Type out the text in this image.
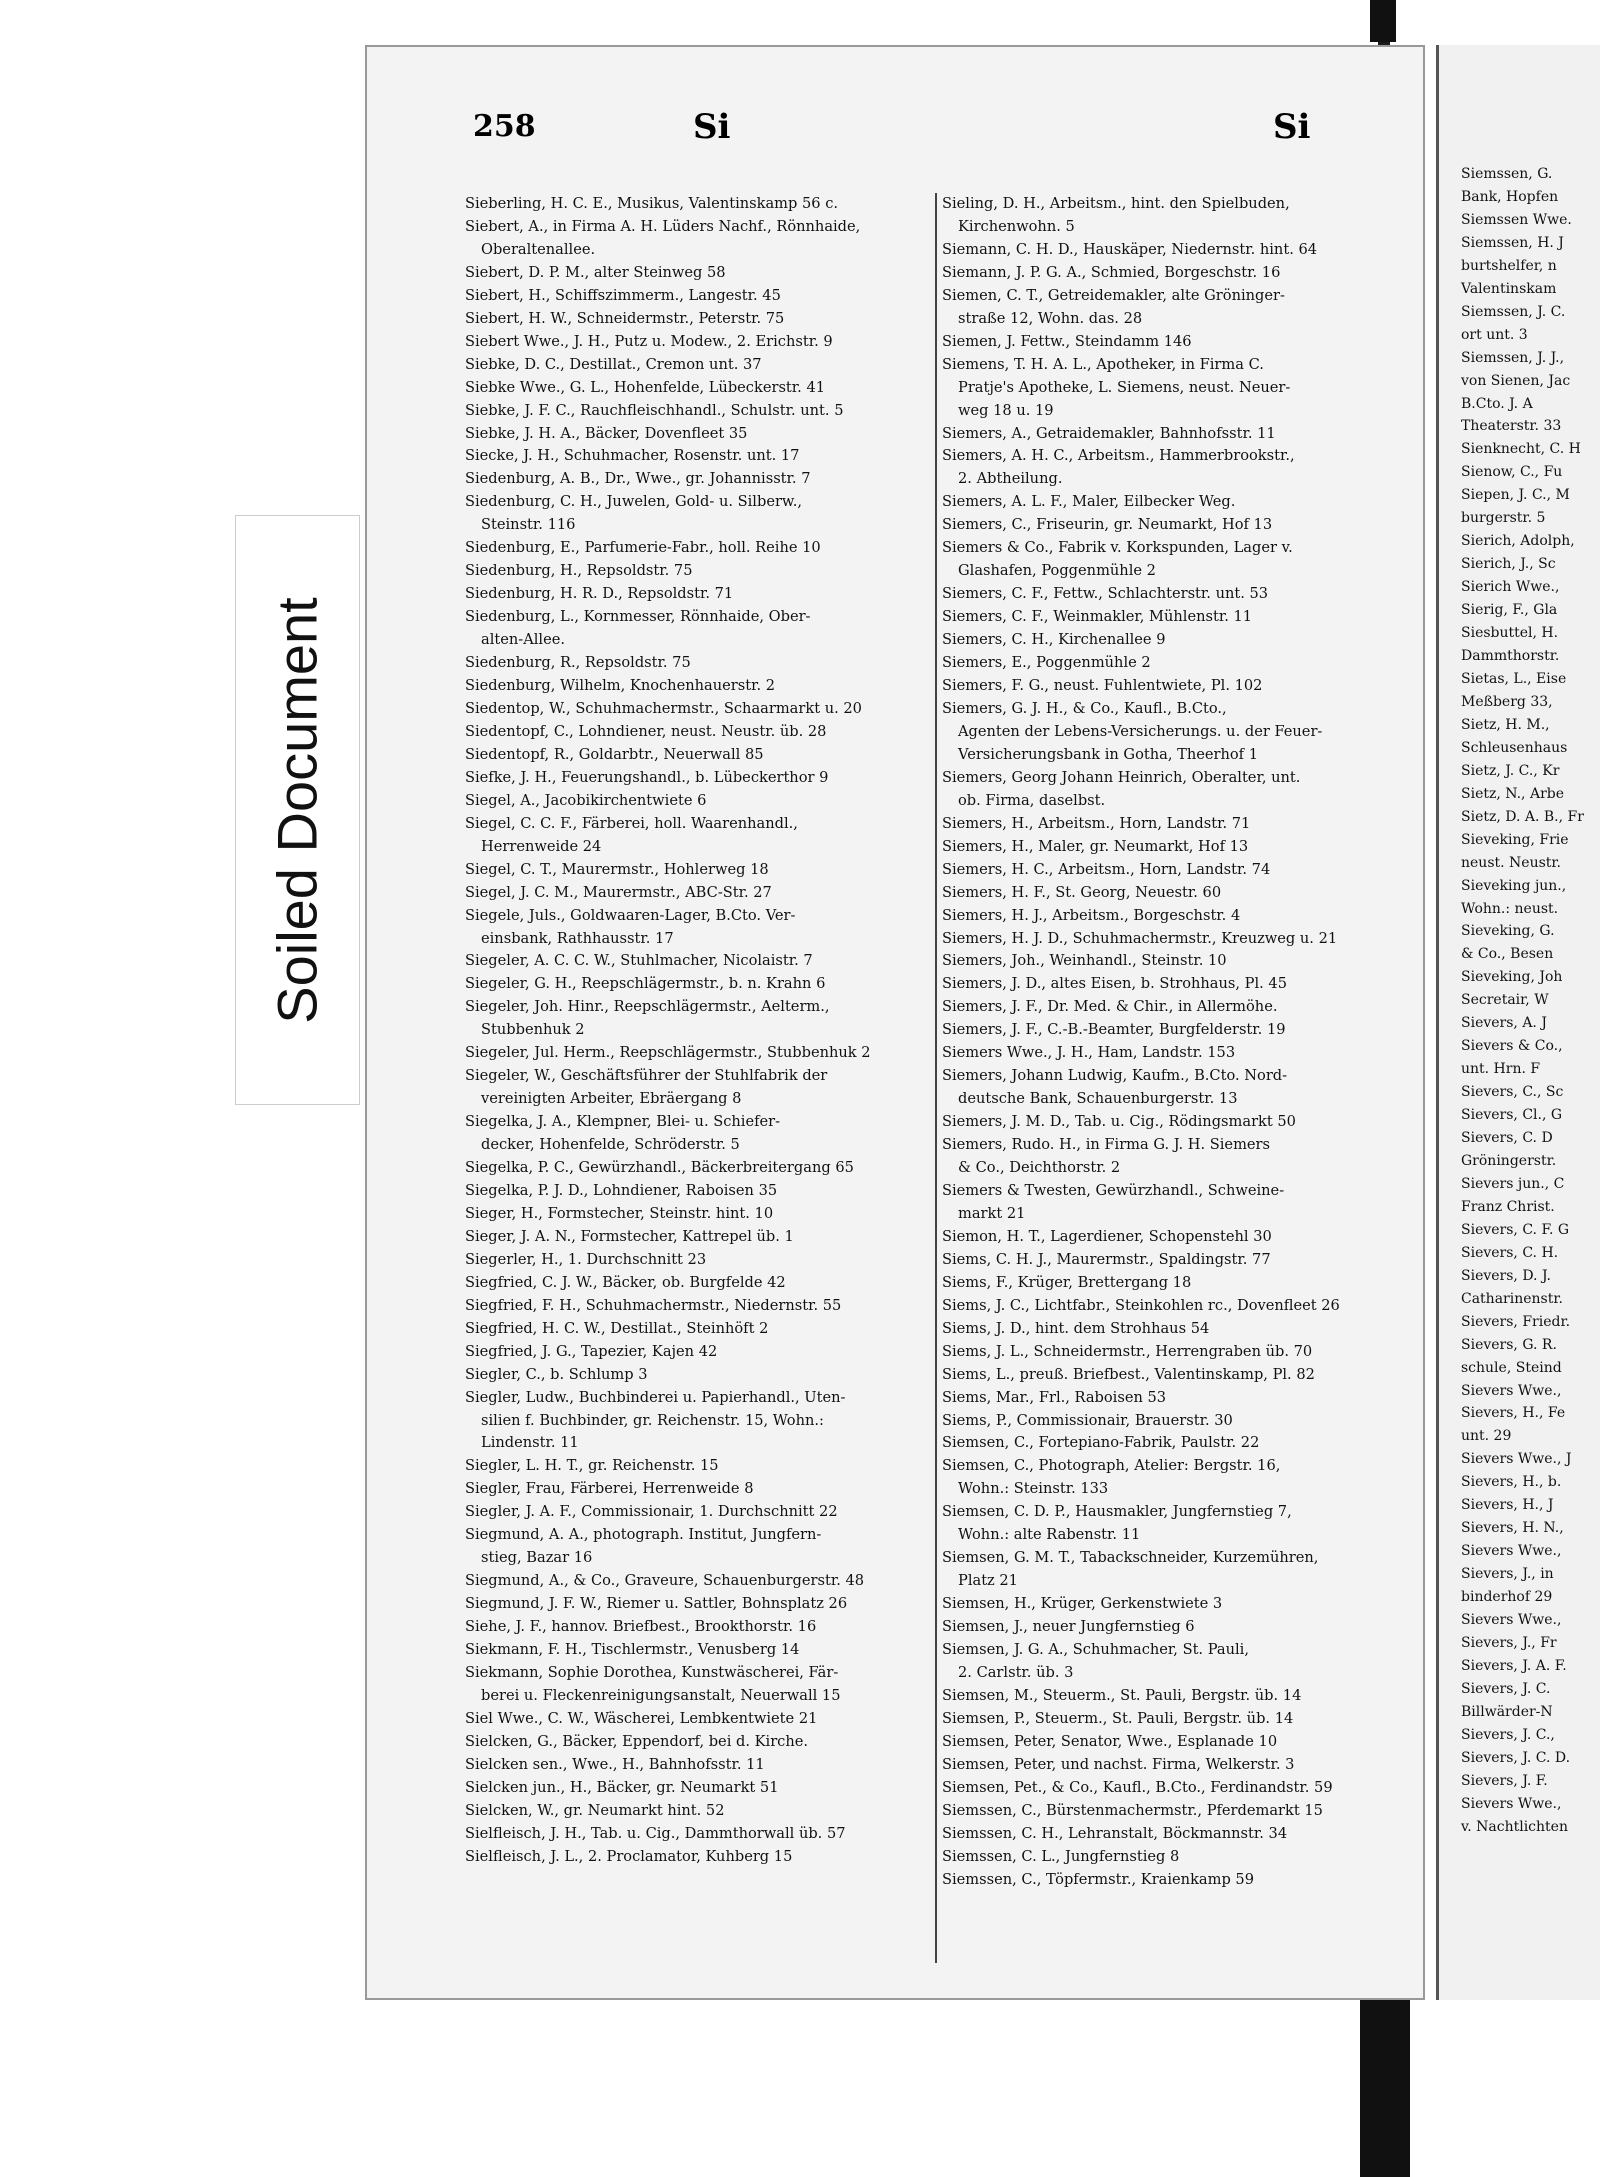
Soiled Document
258	Si	Si
Sieberling, H. C. E., Musikus, Valentinskamp 56 c.
Siebert, A., in Firma A. H. Lüders Nachf., Rönnhaide,
Oberaltenallee.
Siebert, D. P. M., alter Steinweg 58
Siebert, H., Schiffszimmerm., Langestr. 45
Siebert, H. W., Schneidermstr., Peterstr. 75
Siebert Wwe., J. H., Putz u. Modew., 2. Erichstr. 9
Siebke, D. C., Destillat., Cremon unt. 37
Siebke Wwe., G. L., Hohenfelde, Lübeckerstr. 41
Siebke, J. F. C., Rauchfleischhandl., Schulstr. unt. 5
Siebke, J. H. A., Bäcker, Dovenfleet 35
Siecke, J. H., Schuhmacher, Rosenstr. unt. 17
Siedenburg, A. B., Dr., Wwe., gr. Johannisstr. 7
Siedenburg, C. H., Juwelen, Gold- u. Silberw.,
Steinstr. 116
Siedenburg, E., Parfumerie-Fabr., holl. Reihe 10
Siedenburg, H., Repsoldstr. 75
Siedenburg, H. R. D., Repsoldstr. 71
Siedenburg, L., Kornmesser, Rönnhaide, Ober-
alten-Allee.
Siedenburg, R., Repsoldstr. 75
Siedenburg, Wilhelm, Knochenhauerstr. 2
Siedentop, W., Schuhmachermstr., Schaarmarkt u. 20
Siedentopf, C., Lohndiener, neust. Neustr. üb. 28
Siedentopf, R., Goldarbtr., Neuerwall 85
Siefke, J. H., Feuerungshandl., b. Lübeckerthor 9
Siegel, A., Jacobikirchentwiete 6
Siegel, C. C. F., Färberei, holl. Waarenhandl.,
Herrenweide 24
Siegel, C. T., Maurermstr., Hohlerweg 18
Siegel, J. C. M., Maurermstr., ABC-Str. 27
Siegele, Juls., Goldwaaren-Lager, B.Cto. Ver-
einsbank, Rathhausstr. 17
Siegeler, A. C. C. W., Stuhlmacher, Nicolaistr. 7
Siegeler, G. H., Reepschlägermstr., b. n. Krahn 6
Siegeler, Joh. Hinr., Reepschlägermstr., Aelterm.,
Stubbenhuk 2
Siegeler, Jul. Herm., Reepschlägermstr., Stubbenhuk 2
Siegeler, W., Geschäftsführer der Stuhlfabrik der
vereinigten Arbeiter, Ebräergang 8
Siegelka, J. A., Klempner, Blei- u. Schiefer-
decker, Hohenfelde, Schröderstr. 5
Siegelka, P. C., Gewürzhandl., Bäckerbreitergang 65
Siegelka, P. J. D., Lohndiener, Raboisen 35
Sieger, H., Formstecher, Steinstr. hint. 10
Sieger, J. A. N., Formstecher, Kattrepel üb. 1
Siegerler, H., 1. Durchschnitt 23
Siegfried, C. J. W., Bäcker, ob. Burgfelde 42
Siegfried, F. H., Schuhmachermstr., Niedernstr. 55
Siegfried, H. C. W., Destillat., Steinhöft 2
Siegfried, J. G., Tapezier, Kajen 42
Siegler, C., b. Schlump 3
Siegler, Ludw., Buchbinderei u. Papierhandl., Uten-
silien f. Buchbinder, gr. Reichenstr. 15, Wohn.:
Lindenstr. 11
Siegler, L. H. T., gr. Reichenstr. 15
Siegler, Frau, Färberei, Herrenweide 8
Siegler, J. A. F., Commissionair, 1. Durchschnitt 22
Siegmund, A. A., photograph. Institut, Jungfern-
stieg, Bazar 16
Siegmund, A., & Co., Graveure, Schauenburgerstr. 48
Siegmund, J. F. W., Riemer u. Sattler, Bohnsplatz 26
Siehe, J. F., hannov. Briefbest., Brookthorstr. 16
Siekmann, F. H., Tischlermstr., Venusberg 14
Siekmann, Sophie Dorothea, Kunstwäscherei, Fär-
berei u. Fleckenreinigungsanstalt, Neuerwall 15
Siel Wwe., C. W., Wäscherei, Lembkentwiete 21
Sielcken, G., Bäcker, Eppendorf, bei d. Kirche.
Sielcken sen., Wwe., H., Bahnhofsstr. 11
Sielcken jun., H., Bäcker, gr. Neumarkt 51
Sielcken, W., gr. Neumarkt hint. 52
Sielfleisch, J. H., Tab. u. Cig., Dammthorwall üb. 57
Sielfleisch, J. L., 2. Proclamator, Kuhberg 15
Sieling, D. H., Arbeitsm., hint. den Spielbuden,
Kirchenwohn. 5
Siemann, C. H. D., Hauskäper, Niedernstr. hint. 64
Siemann, J. P. G. A., Schmied, Borgeschstr. 16
Siemen, C. T., Getreidemakler, alte Gröninger-
straße 12, Wohn. das. 28
Siemen, J. Fettw., Steindamm 146
Siemens, T. H. A. L., Apotheker, in Firma C.
Pratje's Apotheke, L. Siemens, neust. Neuer-
weg 18 u. 19
Siemers, A., Getraidemakler, Bahnhofsstr. 11
Siemers, A. H. C., Arbeitsm., Hammerbrookstr.,
2. Abtheilung.
Siemers, A. L. F., Maler, Eilbecker Weg.
Siemers, C., Friseurin, gr. Neumarkt, Hof 13
Siemers & Co., Fabrik v. Korkspunden, Lager v.
Glashafen, Poggenmühle 2
Siemers, C. F., Fettw., Schlachterstr. unt. 53
Siemers, C. F., Weinmakler, Mühlenstr. 11
Siemers, C. H., Kirchenallee 9
Siemers, E., Poggenmühle 2
Siemers, F. G., neust. Fuhlentwiete, Pl. 102
Siemers, G. J. H., & Co., Kaufl., B.Cto.,
Agenten der Lebens-Versicherungs. u. der Feuer-
Versicherungsbank in Gotha, Theerhof 1
Siemers, Georg Johann Heinrich, Oberalter, unt.
ob. Firma, daselbst.
Siemers, H., Arbeitsm., Horn, Landstr. 71
Siemers, H., Maler, gr. Neumarkt, Hof 13
Siemers, H. C., Arbeitsm., Horn, Landstr. 74
Siemers, H. F., St. Georg, Neuestr. 60
Siemers, H. J., Arbeitsm., Borgeschstr. 4
Siemers, H. J. D., Schuhmachermstr., Kreuzweg u. 21
Siemers, Joh., Weinhandl., Steinstr. 10
Siemers, J. D., altes Eisen, b. Strohhaus, Pl. 45
Siemers, J. F., Dr. Med. & Chir., in Allermöhe.
Siemers, J. F., C.-B.-Beamter, Burgfelderstr. 19
Siemers Wwe., J. H., Ham, Landstr. 153
Siemers, Johann Ludwig, Kaufm., B.Cto. Nord-
deutsche Bank, Schauenburgerstr. 13
Siemers, J. M. D., Tab. u. Cig., Rödingsmarkt 50
Siemers, Rudo. H., in Firma G. J. H. Siemers
& Co., Deichthorstr. 2
Siemers & Twesten, Gewürzhandl., Schweine-
markt 21
Siemon, H. T., Lagerdiener, Schopenstehl 30
Siems, C. H. J., Maurermstr., Spaldingstr. 77
Siems, F., Krüger, Brettergang 18
Siems, J. C., Lichtfabr., Steinkohlen rc., Dovenfleet 26
Siems, J. D., hint. dem Strohhaus 54
Siems, J. L., Schneidermstr., Herrengraben üb. 70
Siems, L., preuß. Briefbest., Valentinskamp, Pl. 82
Siems, Mar., Frl., Raboisen 53
Siems, P., Commissionair, Brauerstr. 30
Siemsen, C., Fortepiano-Fabrik, Paulstr. 22
Siemsen, C., Photograph, Atelier: Bergstr. 16,
Wohn.: Steinstr. 133
Siemsen, C. D. P., Hausmakler, Jungfernstieg 7,
Wohn.: alte Rabenstr. 11
Siemsen, G. M. T., Tabackschneider, Kurzemühren,
Platz 21
Siemsen, H., Krüger, Gerkenstwiete 3
Siemsen, J., neuer Jungfernstieg 6
Siemsen, J. G. A., Schuhmacher, St. Pauli,
2. Carlstr. üb. 3
Siemsen, M., Steuerm., St. Pauli, Bergstr. üb. 14
Siemsen, P., Steuerm., St. Pauli, Bergstr. üb. 14
Siemsen, Peter, Senator, Wwe., Esplanade 10
Siemsen, Peter, und nachst. Firma, Welkerstr. 3
Siemsen, Pet., & Co., Kaufl., B.Cto., Ferdinandstr. 59
Siemssen, C., Bürstenmachermstr., Pferdemarkt 15
Siemssen, C. H., Lehranstalt, Böckmannstr. 34
Siemssen, C. L., Jungfernstieg 8
Siemssen, C., Töpfermstr., Kraienkamp 59
Siemssen, G.
Bank, Hopfen
Siemssen Wwe.
Siemssen, H. J
burtshelfer, n
Valentinskam
Siemssen, J. C.
ort unt. 3
Siemssen, J. J.,
von Sienen, Jac
B.Cto. J. A
Theaterstr. 33
Sienknecht, C. H
Sienow, C., Fu
Siepen, J. C., M
burgerstr. 5
Sierich, Adolph,
Sierich, J., Sc
Sierich Wwe.,
Sierig, F., Gla
Siesbuttel, H.
Dammthorstr.
Sietas, L., Eise
Meßberg 33,
Sietz, H. M.,
Schleusenhaus
Sietz, J. C., Kr
Sietz, N., Arbe
Sietz, D. A. B., Fr
Sieveking, Frie
neust. Neustr.
Sieveking jun.,
Wohn.: neust.
Sieveking, G.
& Co., Besen
Sieveking, Joh
Secretair, W
Sievers, A. J
Sievers & Co.,
unt. Hrn. F
Sievers, C., Sc
Sievers, Cl., G
Sievers, C. D
Gröningerstr.
Sievers jun., C
Franz Christ.
Sievers, C. F. G
Sievers, C. H.
Sievers, D. J.
Catharinenstr.
Sievers, Friedr.
Sievers, G. R.
schule, Steind
Sievers Wwe.,
Sievers, H., Fe
unt. 29
Sievers Wwe., J
Sievers, H., b.
Sievers, H., J
Sievers, H. N.,
Sievers Wwe.,
Sievers, J., in
binderhof 29
Sievers Wwe.,
Sievers, J., Fr
Sievers, J. A. F.
Sievers, J. C.
Billwärder-N
Sievers, J. C.,
Sievers, J. C. D.
Sievers, J. F.
Sievers Wwe.,
v. Nachtlichten
